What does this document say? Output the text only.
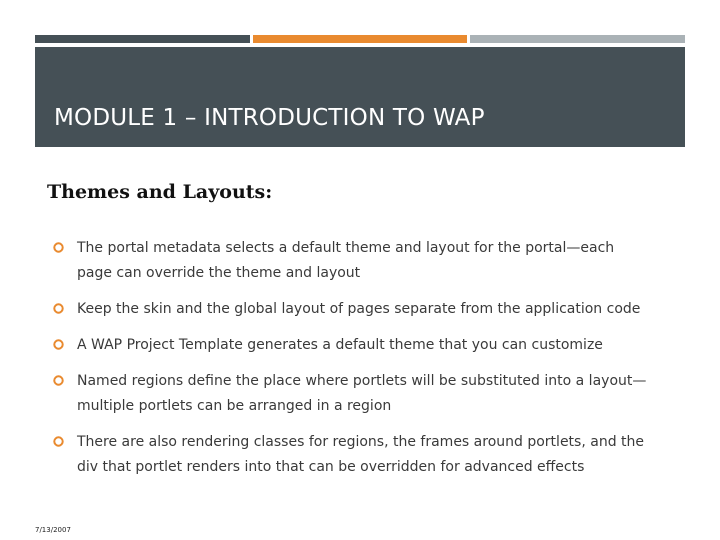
MODULE 1 – INTRODUCTION TO WAP
Themes and Layouts:
The portal metadata selects a default theme and layout for the portal—each page can override the theme and layout
Keep the skin and the global layout of pages separate from the application code
A WAP Project Template generates a default theme that you can customize
Named regions define the place where portlets will be substituted into a layout—multiple portlets can be arranged in a region
There are also rendering classes for regions, the frames around portlets, and the div that portlet renders into that can be overridden for advanced effects
7/13/2007
